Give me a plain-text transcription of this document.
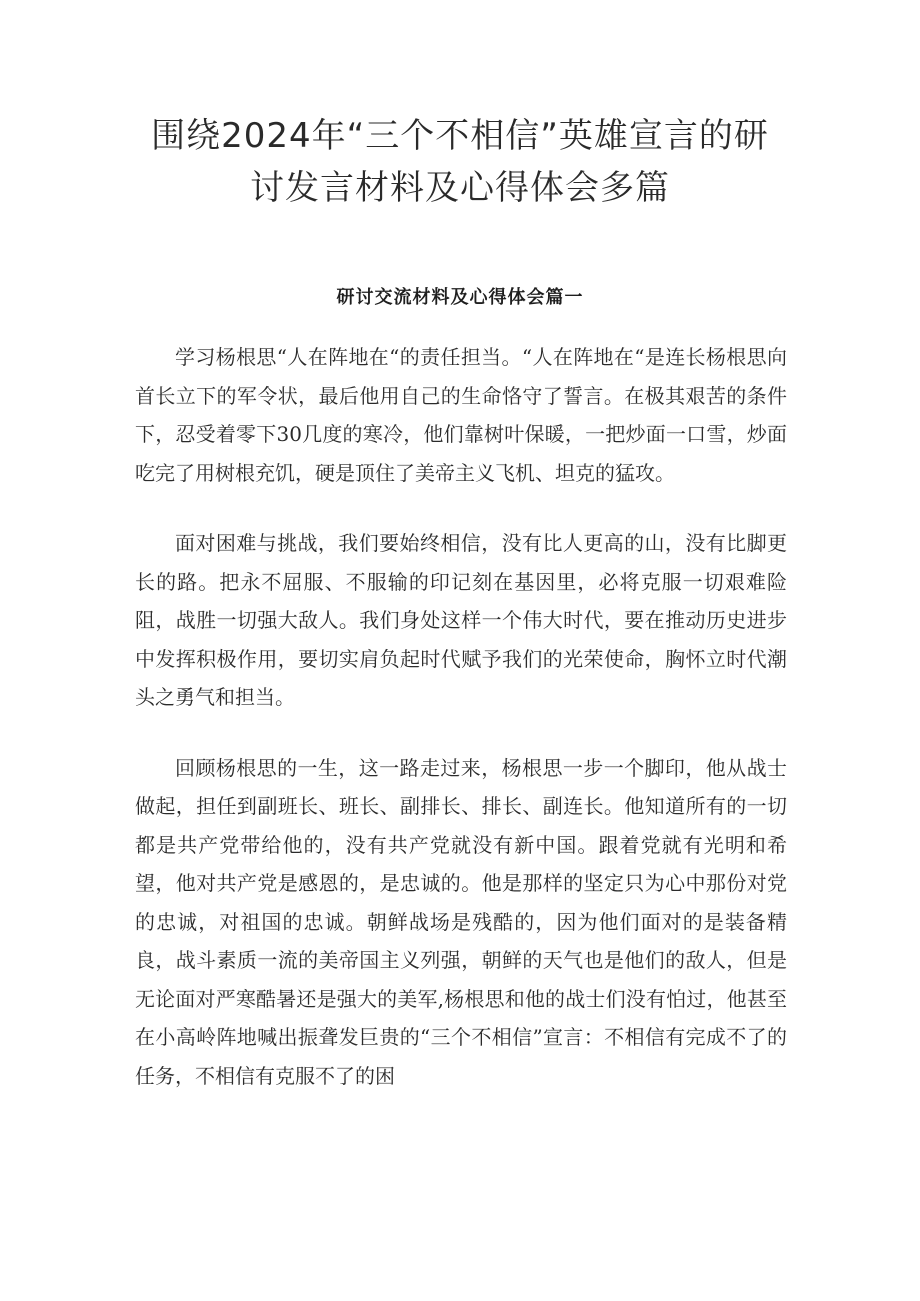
围绕2024年“三个不相信”英雄宣言的研
讨发言材料及心得体会多篇
研讨交流材料及心得体会篇一

学习杨根思“人在阵地在“的责任担当。“人在阵地在“是连长杨根思向首长立下的军令状，最后他用自己的生命恪守了誓言。在极其艰苦的条件下，忍受着零下30几度的寒冷，他们靠树叶保暖，一把炒面一口雪，炒面吃完了用树根充饥，硬是顶住了美帝主义飞机、坦克的猛攻。

面对困难与挑战，我们要始终相信，没有比人更高的山，没有比脚更长的路。把永不屈服、不服输的印记刻在基因里，必将克服一切艰难险阻，战胜一切强大敌人。我们身处这样一个伟大时代，要在推动历史进步中发挥积极作用，要切实肩负起时代赋予我们的光荣使命，胸怀立时代潮头之勇气和担当。

回顾杨根思的一生，这一路走过来，杨根思一步一个脚印，他从战士做起，担任到副班长、班长、副排长、排长、副连长。他知道所有的一切都是共产党带给他的，没有共产党就没有新中国。跟着党就有光明和希望，他对共产党是感恩的，是忠诚的。他是那样的坚定只为心中那份对党的忠诚，对祖国的忠诚。朝鲜战场是残酷的，因为他们面对的是装备精良，战斗素质一流的美帝国主义列强，朝鲜的天气也是他们的敌人，但是无论面对严寒酷暑还是强大的美军,杨根思和他的战士们没有怕过，他甚至在小高岭阵地喊出振聋发巨贵的“三个不相信”宣言：不相信有完成不了的任务，不相信有克服不了的困
